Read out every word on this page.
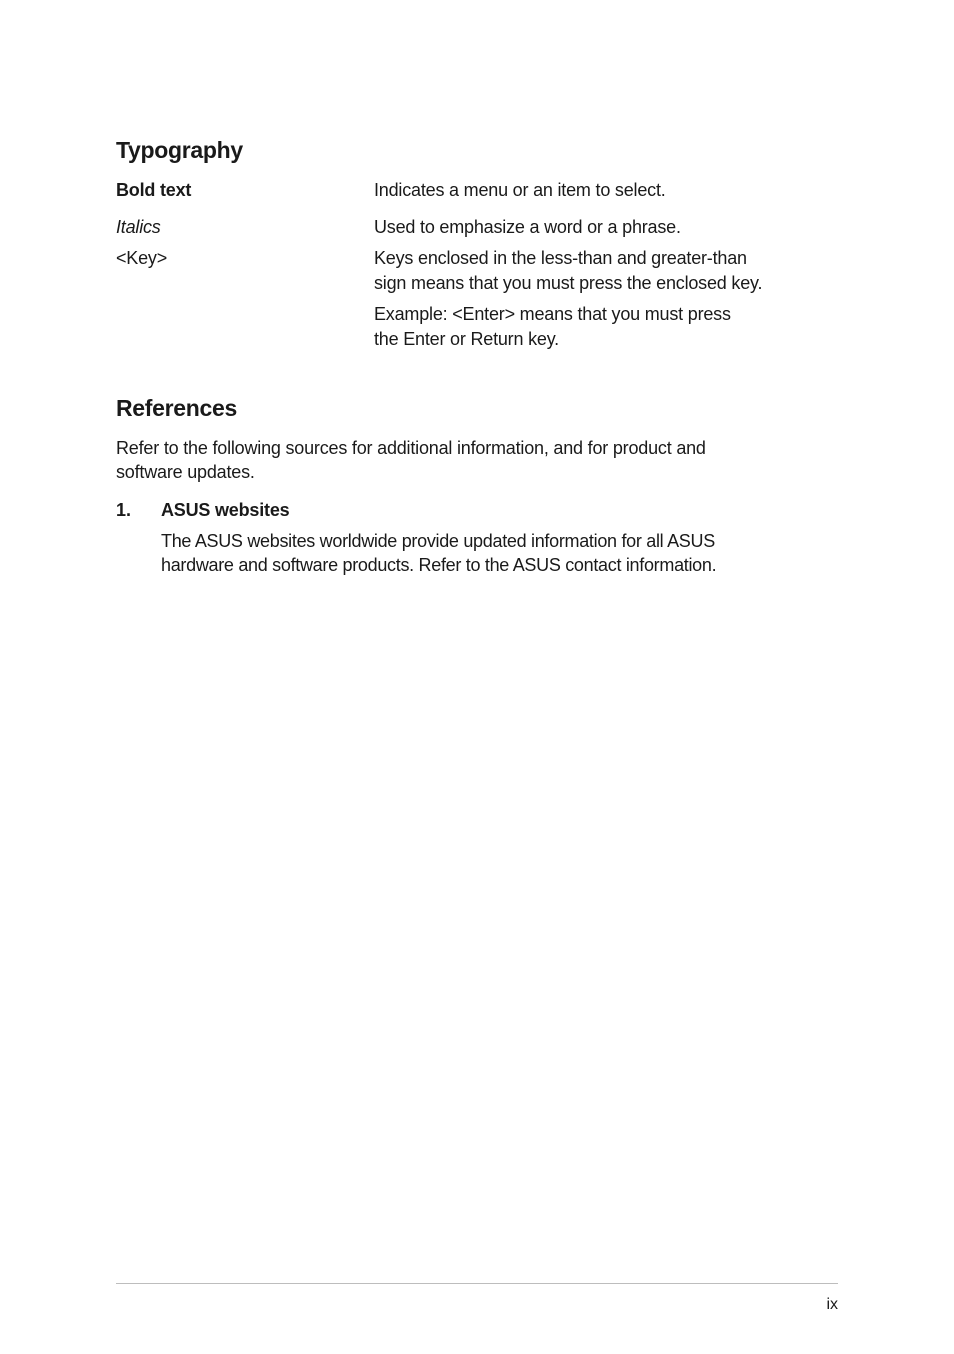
Typography
Bold text	Indicates a menu or an item to select.
Italics	Used to emphasize a word or a phrase.
<Key>	Keys enclosed in the less-than and greater-than
sign means that you must press the enclosed key.
Example: <Enter> means that you must press
the Enter or Return key.
References
Refer to the following sources for additional information, and for product and
software updates.
1. ASUS websites
The ASUS websites worldwide provide updated information for all ASUS
hardware and software products. Refer to the ASUS contact information.
ix
